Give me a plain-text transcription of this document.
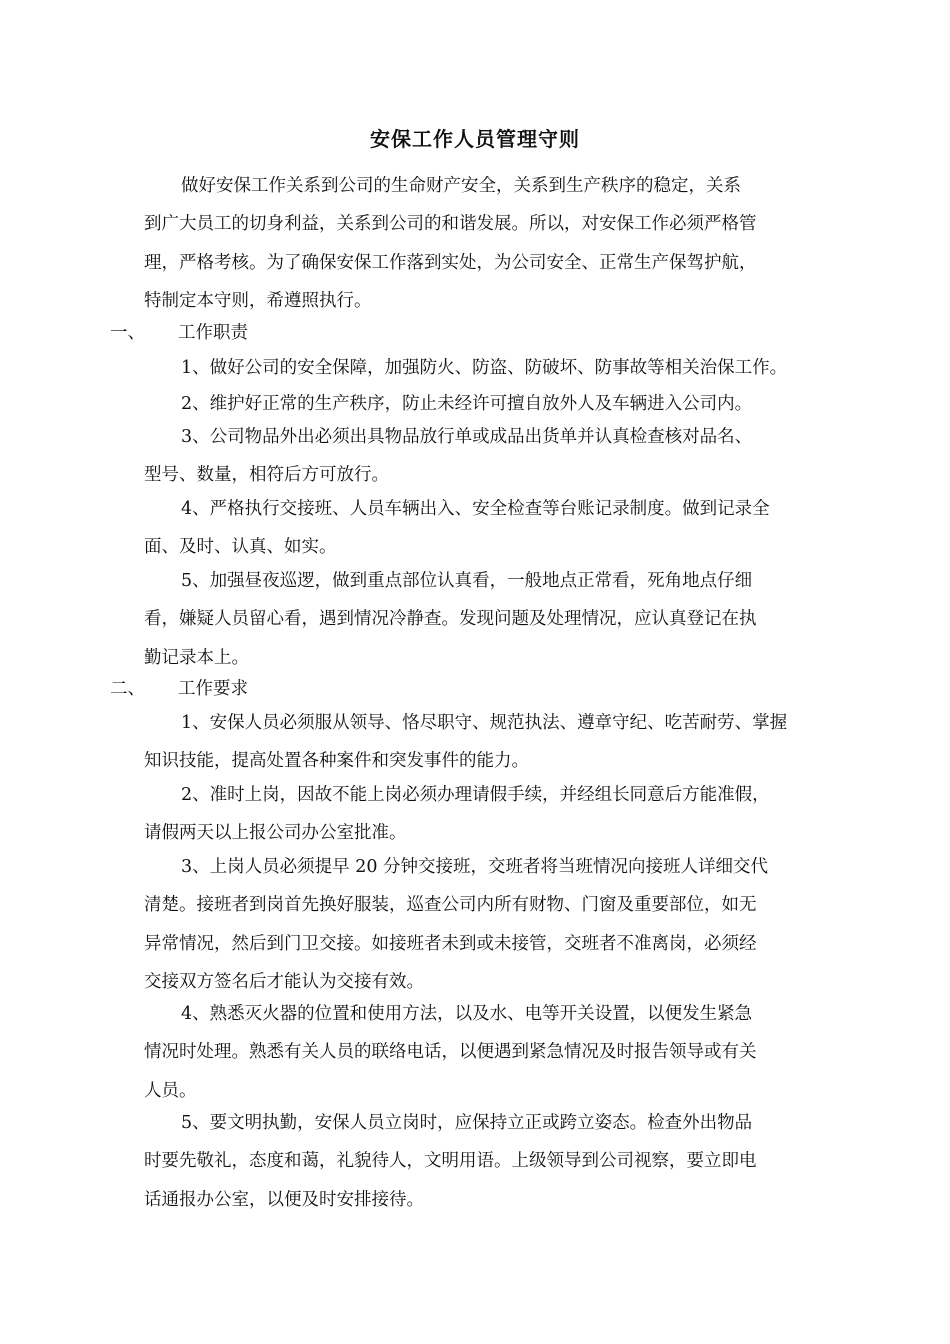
安保工作人员管理守则
做好安保工作关系到公司的生命财产安全，关系到生产秩序的稳定，关系
到广大员工的切身利益，关系到公司的和谐发展。所以，对安保工作必须严格管
理，严格考核。为了确保安保工作落到实处，为公司安全、正常生产保驾护航，
特制定本守则，希遵照执行。
一、 工作职责
1、做好公司的安全保障，加强防火、防盗、防破坏、防事故等相关治保工作。
2、维护好正常的生产秩序，防止未经许可擅自放外人及车辆进入公司内。
3、公司物品外出必须出具物品放行单或成品出货单并认真检查核对品名、
型号、数量，相符后方可放行。
4、严格执行交接班、人员车辆出入、安全检查等台账记录制度。做到记录全
面、及时、认真、如实。
5、加强昼夜巡逻，做到重点部位认真看，一般地点正常看，死角地点仔细
看，嫌疑人员留心看，遇到情况冷静查。发现问题及处理情况，应认真登记在执
勤记录本上。
二、 工作要求
1、安保人员必须服从领导、恪尽职守、规范执法、遵章守纪、吃苦耐劳、掌握
知识技能，提高处置各种案件和突发事件的能力。
2、准时上岗，因故不能上岗必须办理请假手续，并经组长同意后方能准假，
请假两天以上报公司办公室批准。
3、上岗人员必须提早 20 分钟交接班，交班者将当班情况向接班人详细交代
清楚。接班者到岗首先换好服装，巡查公司内所有财物、门窗及重要部位，如无
异常情况，然后到门卫交接。如接班者未到或未接管，交班者不准离岗，必须经
交接双方签名后才能认为交接有效。
4、熟悉灭火器的位置和使用方法，以及水、电等开关设置，以便发生紧急
情况时处理。熟悉有关人员的联络电话，以便遇到紧急情况及时报告领导或有关
人员。
5、要文明执勤，安保人员立岗时，应保持立正或跨立姿态。检查外出物品
时要先敬礼，态度和蔼，礼貌待人，文明用语。上级领导到公司视察，要立即电
话通报办公室，以便及时安排接待。
